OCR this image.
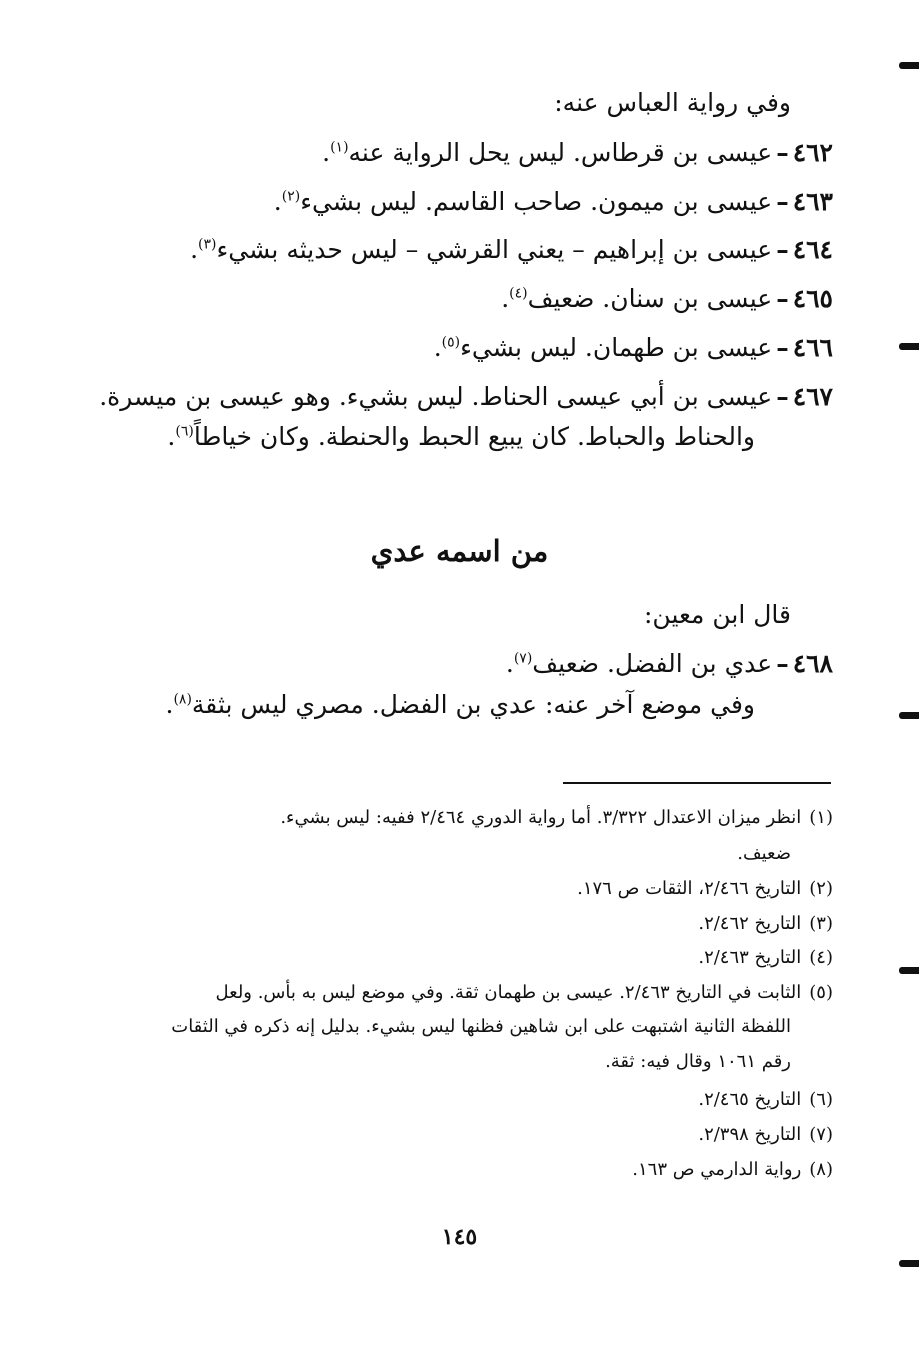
وفي رواية العباس عنه:
٤٦٢–عيسى بن قرطاس. ليس يحل الرواية عنه$^{(١)}$.
٤٦٣–عيسى بن ميمون. صاحب القاسم. ليس بشيء$^{(٢)}$.
٤٦٤–عيسى بن إبراهيم – يعني القرشي – ليس حديثه بشيء$^{(٣)}$.
٤٦٥–عيسى بن سنان. ضعيف$^{(٤)}$.
٤٦٦–عيسى بن طهمان. ليس بشيء$^{(٥)}$.
٤٦٧–عيسى بن أبي عيسى الحناط. ليس بشيء. وهو عيسى بن ميسرة.
والحناط والحباط. كان يبيع الحبط والحنطة. وكان خياطاً$^{(٦)}$.
من اسمه عدي
قال ابن معين:
٤٦٨–عدي بن الفضل. ضعيف$^{(٧)}$.
وفي موضع آخر عنه: عدي بن الفضل. مصري ليس بثقة$^{(٨)}$.
(١)انظر ميزان الاعتدال ٣/٣٢٢. أما رواية الدوري ٢/٤٦٤ ففيه: ليس بشيء.
ضعيف.
(٢)التاريخ ٢/٤٦٦، الثقات ص ١٧٦.
(٣)التاريخ ٢/٤٦٢.
(٤)التاريخ ٢/٤٦٣.
(٥)الثابت في التاريخ ٢/٤٦٣. عيسى بن طهمان ثقة. وفي موضع ليس به بأس. ولعل
اللفظة الثانية اشتبهت على ابن شاهين فظنها ليس بشيء. بدليل إنه ذكره في الثقات
رقم ١٠٦١ وقال فيه: ثقة.
(٦)التاريخ ٢/٤٦٥.
(٧)التاريخ ٢/٣٩٨.
(٨)رواية الدارمي ص ١٦٣.
١٤٥
